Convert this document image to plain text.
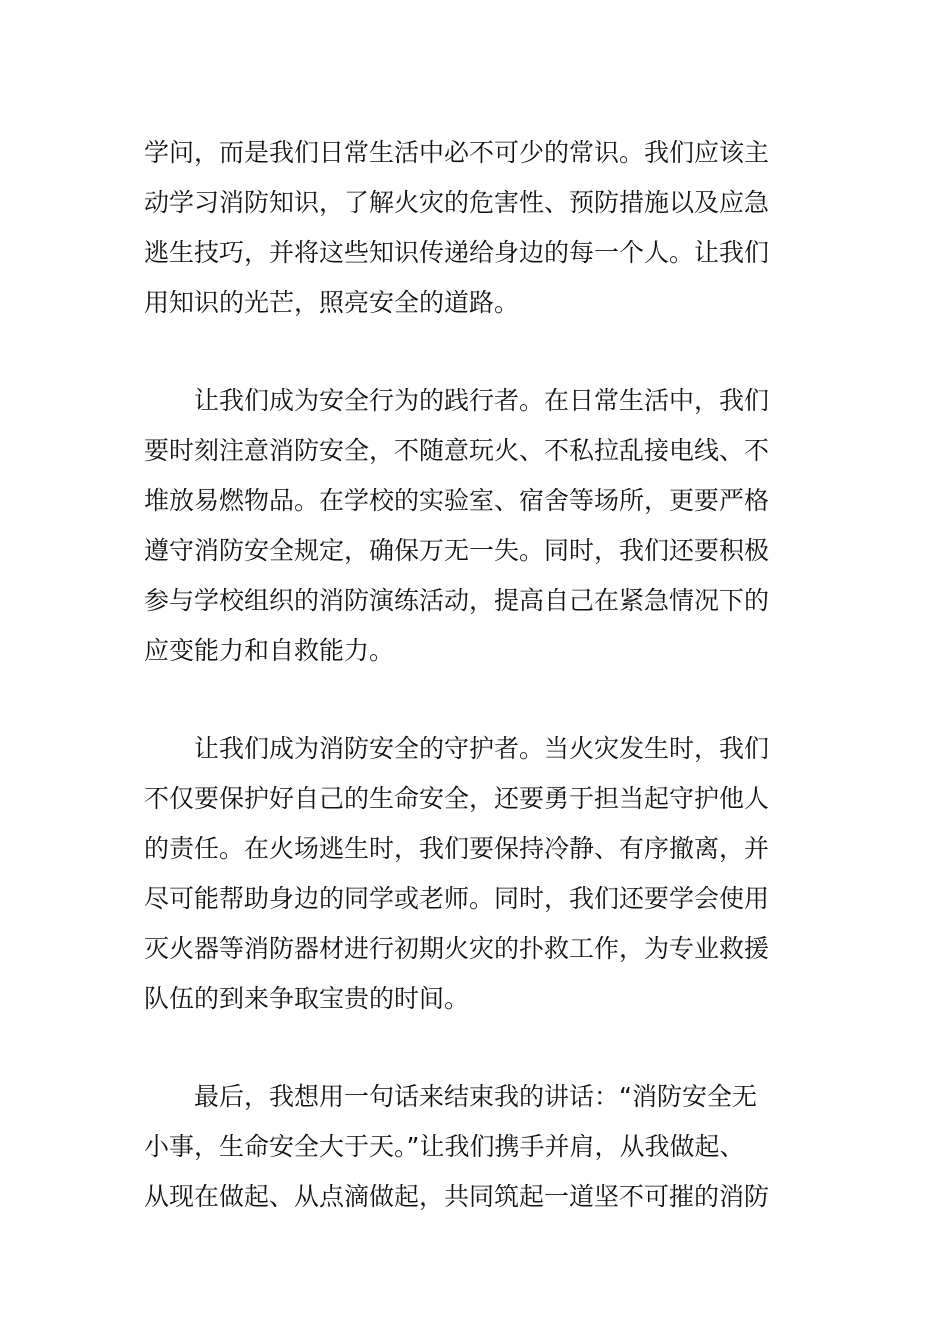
学问，而是我们日常生活中必不可少的常识。我们应该主
动学习消防知识，了解火灾的危害性、预防措施以及应急
逃生技巧，并将这些知识传递给身边的每一个人。让我们
用知识的光芒，照亮安全的道路。
　　让我们成为安全行为的践行者。在日常生活中，我们
要时刻注意消防安全，不随意玩火、不私拉乱接电线、不
堆放易燃物品。在学校的实验室、宿舍等场所，更要严格
遵守消防安全规定，确保万无一失。同时，我们还要积极
参与学校组织的消防演练活动，提高自己在紧急情况下的
应变能力和自救能力。
　　让我们成为消防安全的守护者。当火灾发生时，我们
不仅要保护好自己的生命安全，还要勇于担当起守护他人
的责任。在火场逃生时，我们要保持冷静、有序撤离，并
尽可能帮助身边的同学或老师。同时，我们还要学会使用
灭火器等消防器材进行初期火灾的扑救工作，为专业救援
队伍的到来争取宝贵的时间。
　　最后，我想用一句话来结束我的讲话：“消防安全无
小事，生命安全大于天。”让我们携手并肩，从我做起、
从现在做起、从点滴做起，共同筑起一道坚不可摧的消防
